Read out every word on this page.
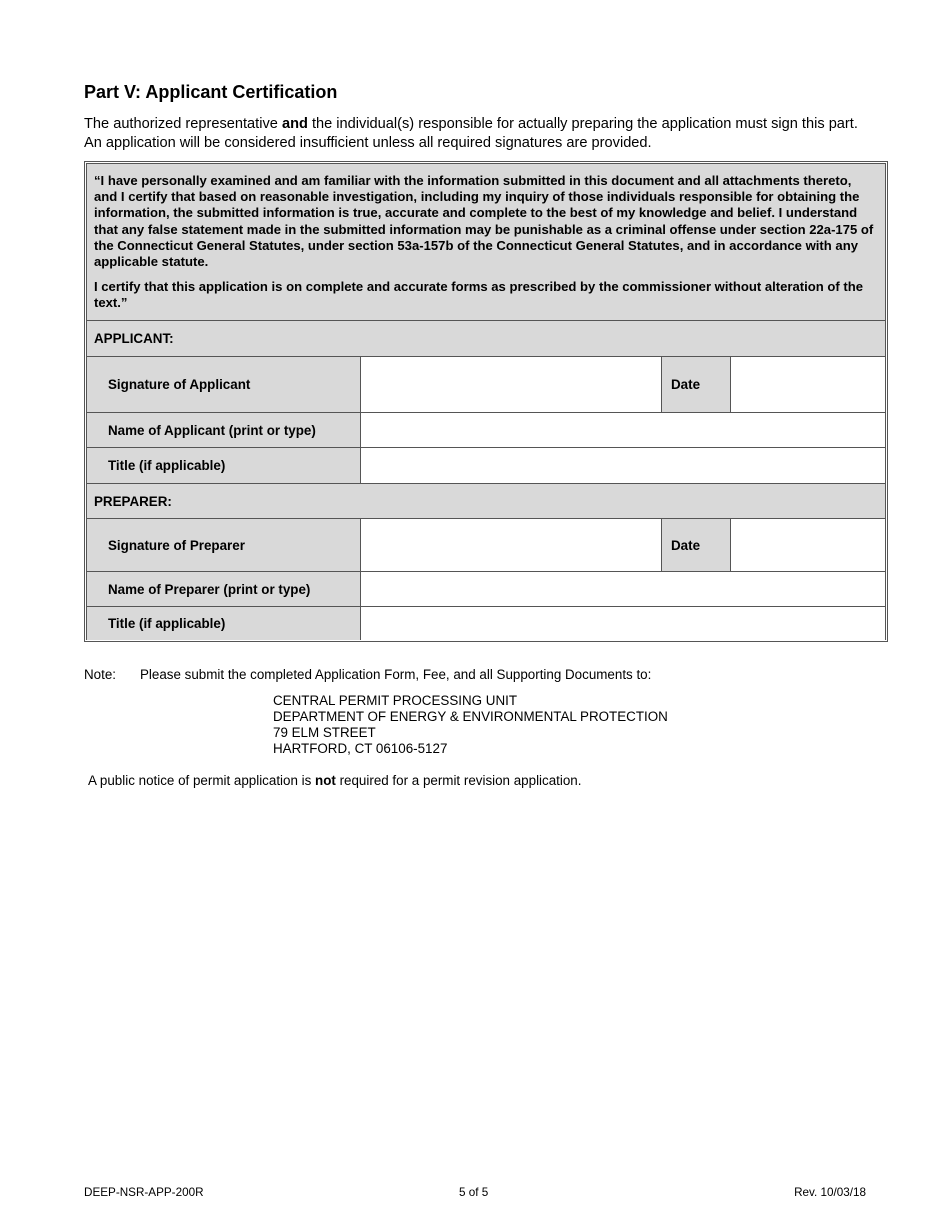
Part V: Applicant Certification

The authorized representative and the individual(s) responsible for actually preparing the application must sign this part. An application will be considered insufficient unless all required signatures are provided.

“I have personally examined and am familiar with the information submitted in this document and all attachments thereto, and I certify that based on reasonable investigation, including my inquiry of those individuals responsible for obtaining the information, the submitted information is true, accurate and complete to the best of my knowledge and belief. I understand that any false statement made in the submitted information may be punishable as a criminal offense under section 22a-175 of the Connecticut General Statutes, under section 53a-157b of the Connecticut General Statutes, and in accordance with any applicable statute.

I certify that this application is on complete and accurate forms as prescribed by the commissioner without alteration of the text.”

APPLICANT:
Signature of Applicant	Date
Name of Applicant (print or type)
Title (if applicable)
PREPARER:
Signature of Preparer	Date
Name of Preparer (print or type)
Title (if applicable)
Note: Please submit the completed Application Form, Fee, and all Supporting Documents to:
CENTRAL PERMIT PROCESSING UNIT
DEPARTMENT OF ENERGY & ENVIRONMENTAL PROTECTION
79 ELM STREET
HARTFORD, CT 06106-5127
A public notice of permit application is not required for a permit revision application.
DEEP-NSR-APP-200R	5 of 5	Rev. 10/03/18
